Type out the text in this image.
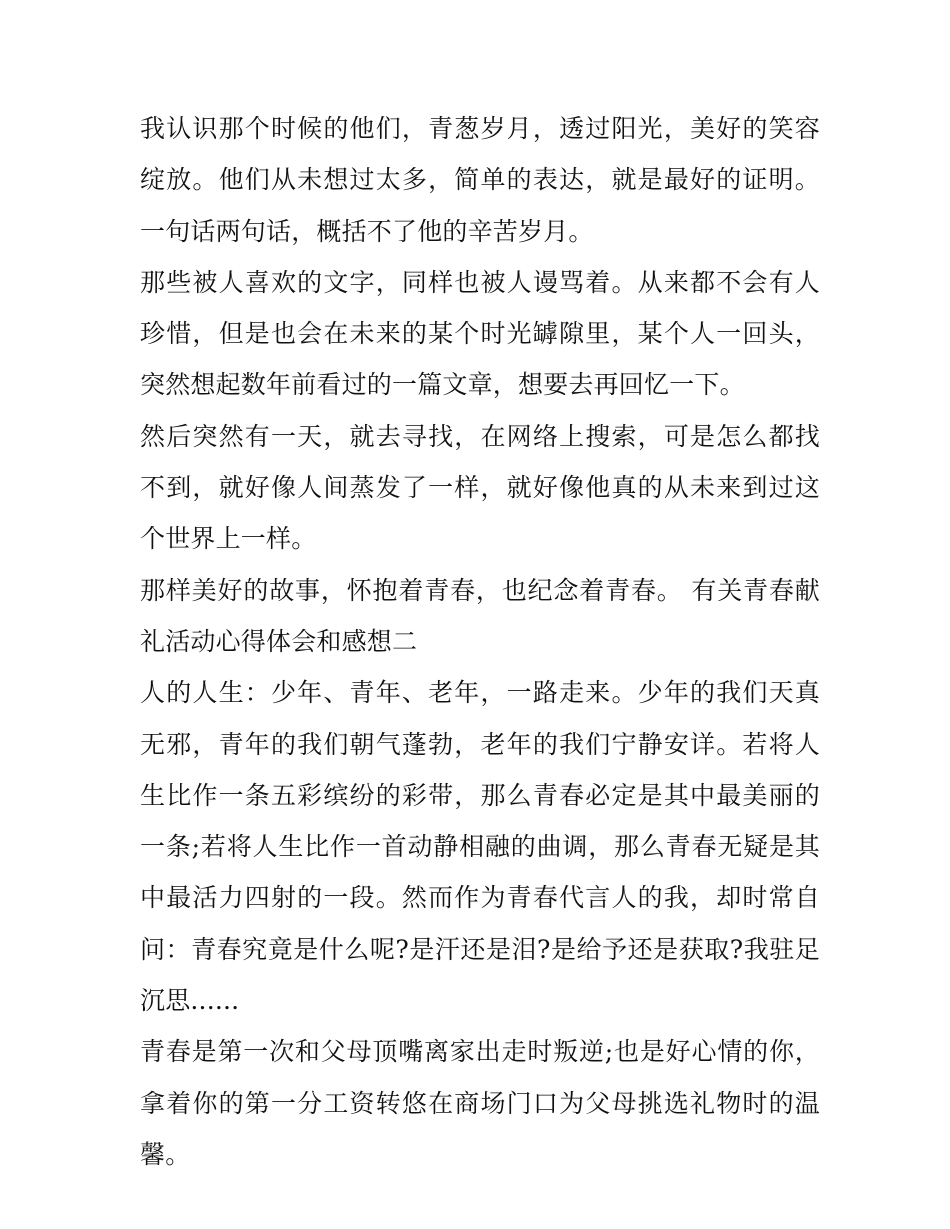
我认识那个时候的他们，青葱岁月，透过阳光，美好的笑容绽放。他们从未想过太多，简单的表达，就是最好的证明。一句话两句话，概括不了他的辛苦岁月。

那些被人喜欢的文字，同样也被人谩骂着。从来都不会有人珍惜，但是也会在未来的某个时光罅隙里，某个人一回头，突然想起数年前看过的一篇文章，想要去再回忆一下。

然后突然有一天，就去寻找，在网络上搜索，可是怎么都找不到，就好像人间蒸发了一样，就好像他真的从未来到过这个世界上一样。

那样美好的故事，怀抱着青春，也纪念着青春。 有关青春献礼活动心得体会和感想二

人的人生：少年、青年、老年，一路走来。少年的我们天真无邪，青年的我们朝气蓬勃，老年的我们宁静安详。若将人生比作一条五彩缤纷的彩带，那么青春必定是其中最美丽的一条;若将人生比作一首动静相融的曲调，那么青春无疑是其中最活力四射的一段。然而作为青春代言人的我，却时常自问：青春究竟是什么呢?是汗还是泪?是给予还是获取?我驻足沉思......

青春是第一次和父母顶嘴离家出走时叛逆;也是好心情的你，拿着你的第一分工资转悠在商场门口为父母挑选礼物时的温馨。
